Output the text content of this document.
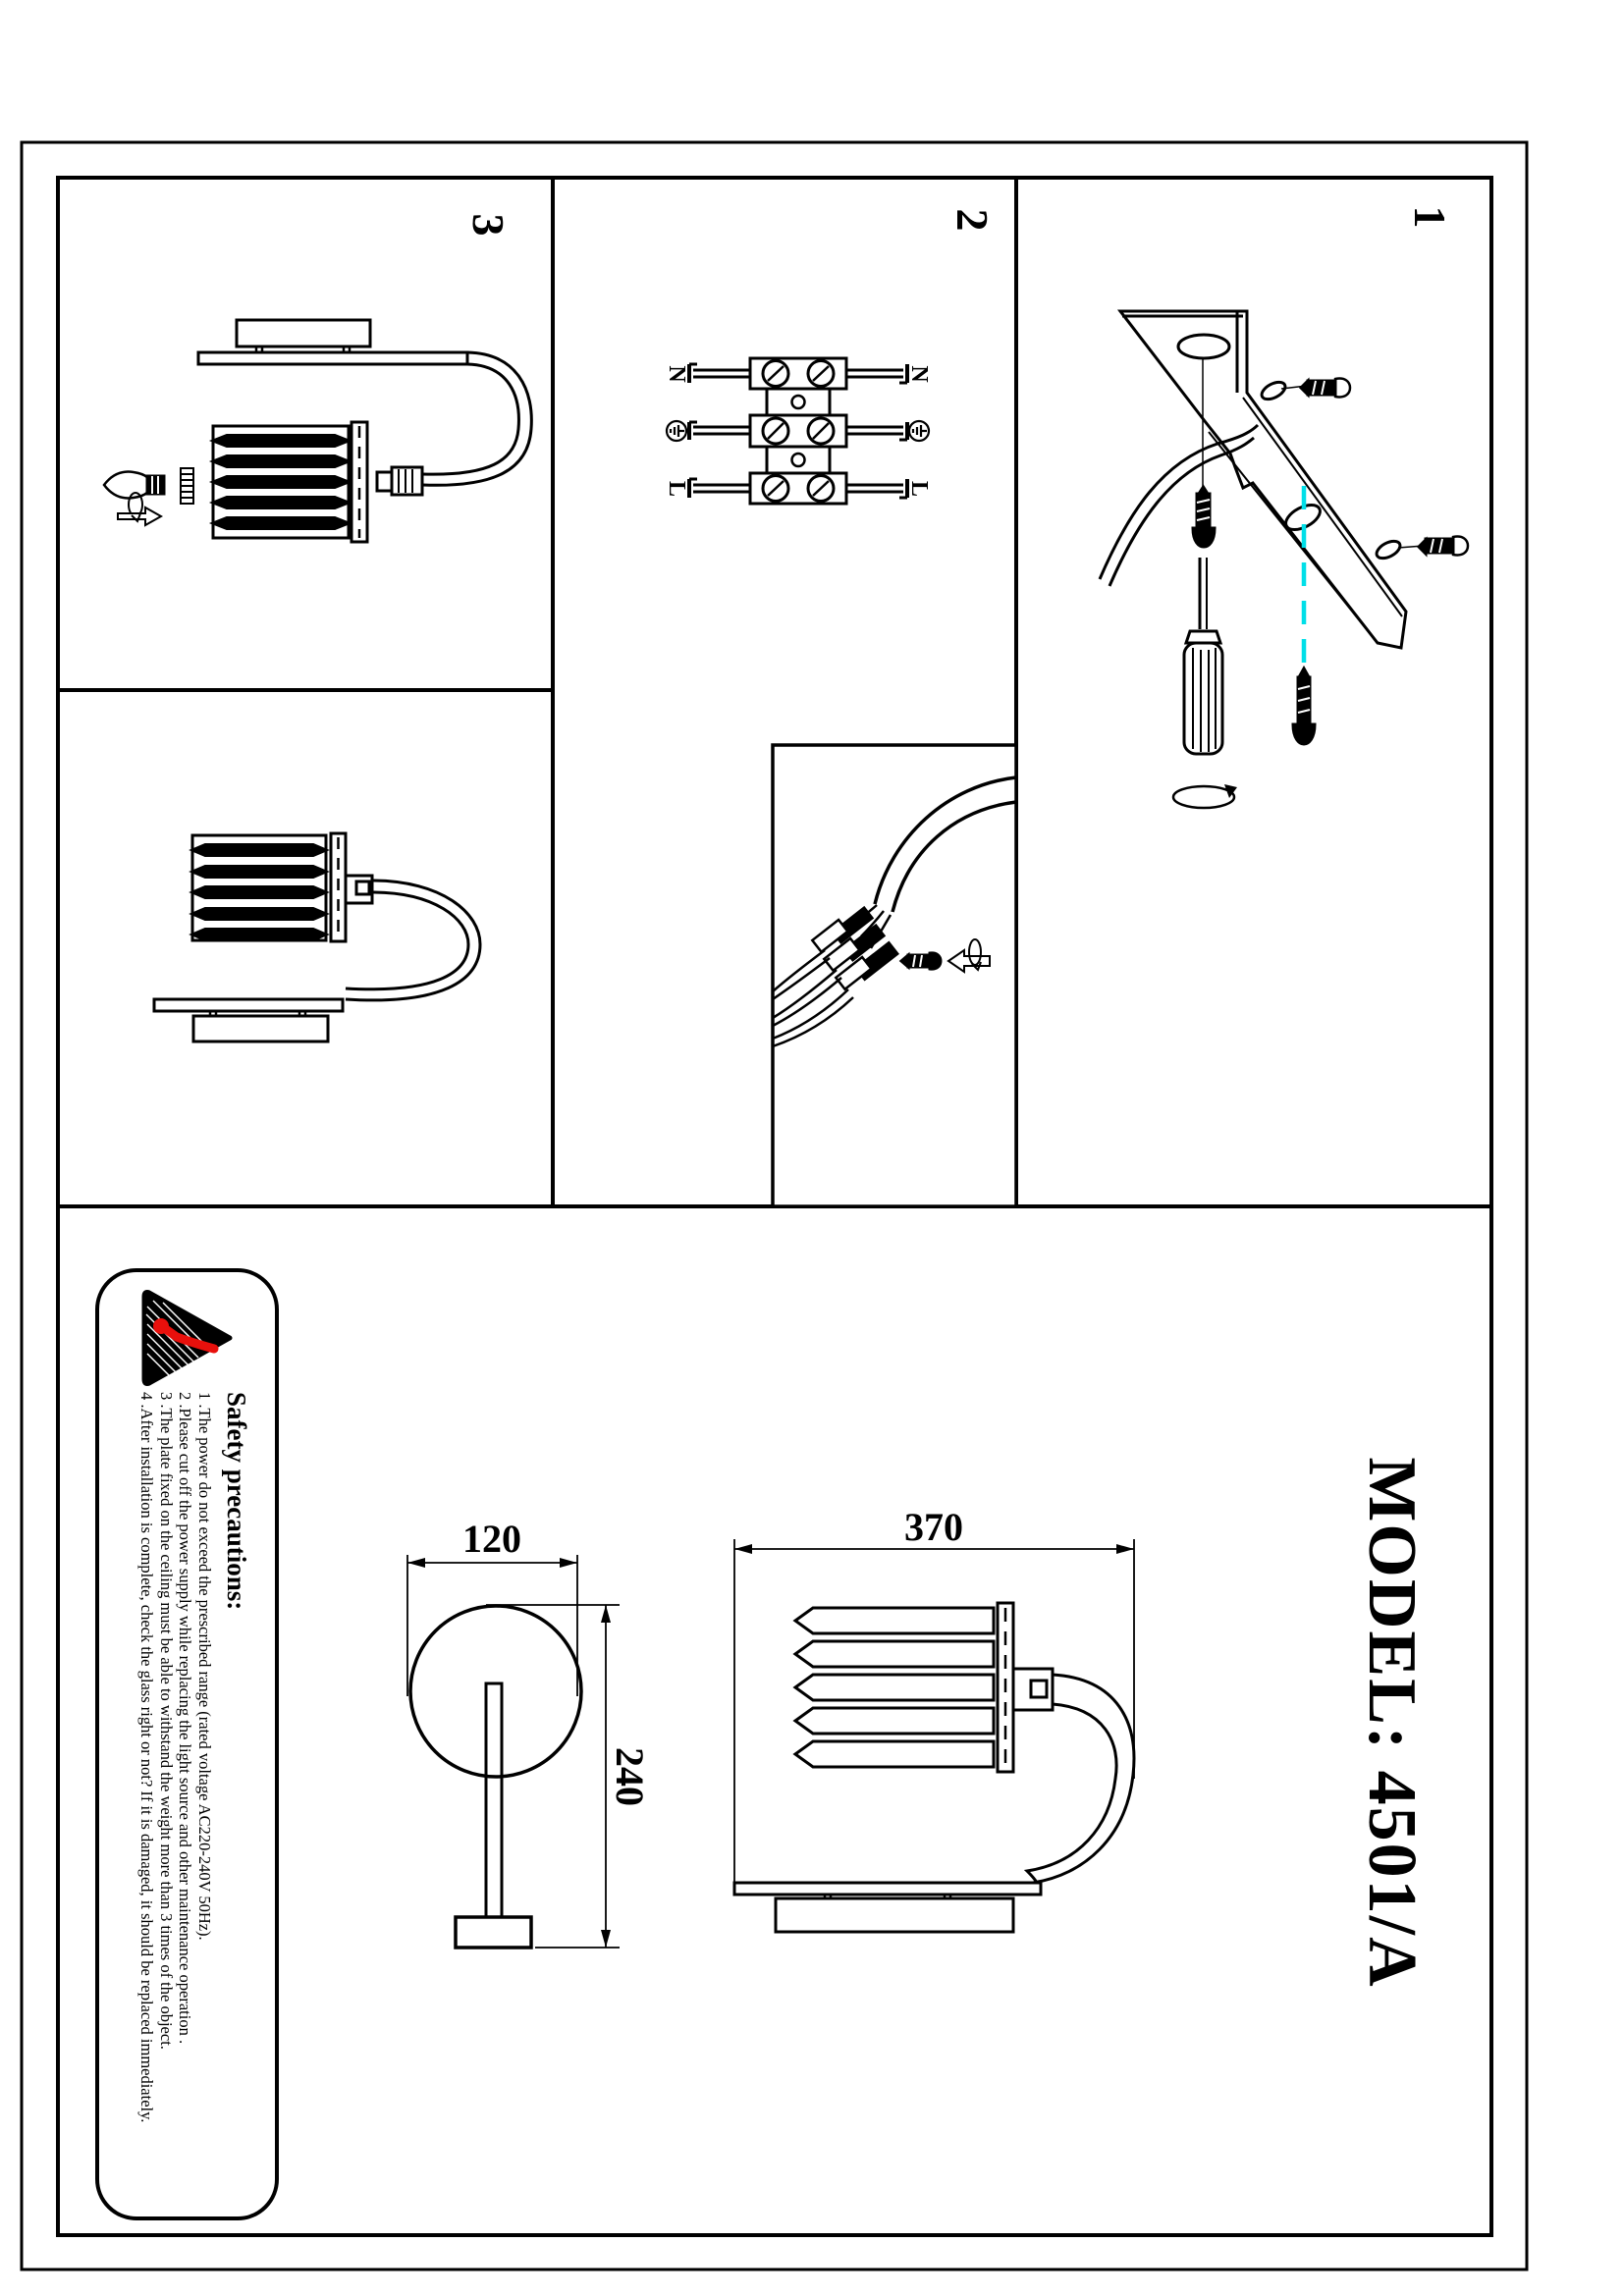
1
2
3
N	N
L	L
120
240
370	MODEL: 4501/A
Safety precautions:
1 .The power do not exceed the prescribed range (rated voltage AC220-240V 50Hz).
2 .Please cut off the power supply while replacing the light source and other maintenance operation .
3 .The plate fixed on the ceiling must be able to withstand the weight more than 3 times of the object.
4 .After installation is complete, check the glass right or not? If it is damaged, it should be replaced immediately.
